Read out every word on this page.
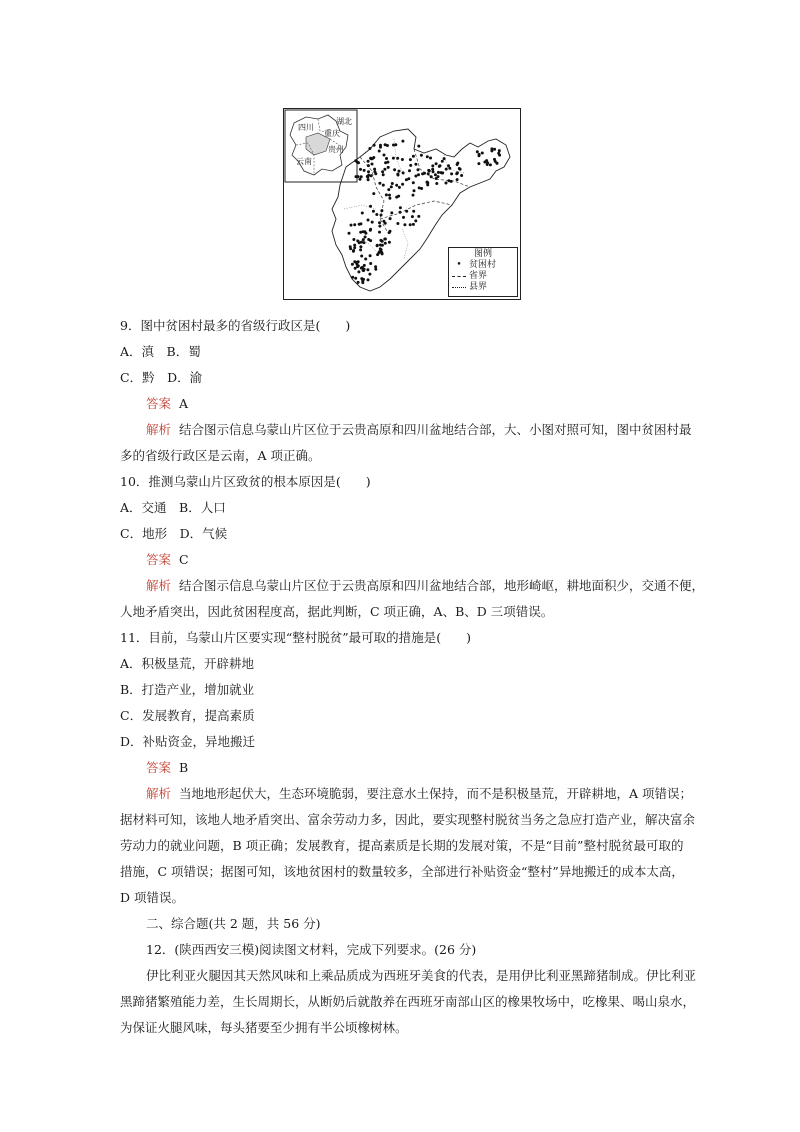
四川
重庆
贵州
云南
湖北
图例
• 贫困村
省界
县界
9．图中贫困村最多的省级行政区是(　　)
A．滇　B．蜀
C．黔　D．渝
答案 A
解析 结合图示信息乌蒙山片区位于云贵高原和四川盆地结合部，大、小图对照可知，图中贫困村最
多的省级行政区是云南，A 项正确。
10．推测乌蒙山片区致贫的根本原因是(　　)
A．交通　B．人口
C．地形　D．气候
答案 C
解析 结合图示信息乌蒙山片区位于云贵高原和四川盆地结合部，地形崎岖，耕地面积少，交通不便，
人地矛盾突出，因此贫困程度高，据此判断，C 项正确，A、B、D 三项错误。
11．目前，乌蒙山片区要实现“整村脱贫”最可取的措施是(　　)
A．积极垦荒，开辟耕地
B．打造产业，增加就业
C．发展教育，提高素质
D．补贴资金，异地搬迁
答案 B
解析 当地地形起伏大，生态环境脆弱，要注意水土保持，而不是积极垦荒，开辟耕地，A 项错误；
据材料可知，该地人地矛盾突出、富余劳动力多，因此，要实现整村脱贫当务之急应打造产业，解决富余
劳动力的就业问题，B 项正确；发展教育，提高素质是长期的发展对策，不是“目前”整村脱贫最可取的
措施，C 项错误；据图可知，该地贫困村的数量较多，全部进行补贴资金“整村”异地搬迁的成本太高，
D 项错误。
二、综合题(共 2 题，共 56 分)
12．(陕西西安三模)阅读图文材料，完成下列要求。(26 分)
伊比利亚火腿因其天然风味和上乘品质成为西班牙美食的代表，是用伊比利亚黑蹄猪制成。伊比利亚
黑蹄猪繁殖能力差，生长周期长，从断奶后就散养在西班牙南部山区的橡果牧场中，吃橡果、喝山泉水，
为保证火腿风味，每头猪要至少拥有半公顷橡树林。
